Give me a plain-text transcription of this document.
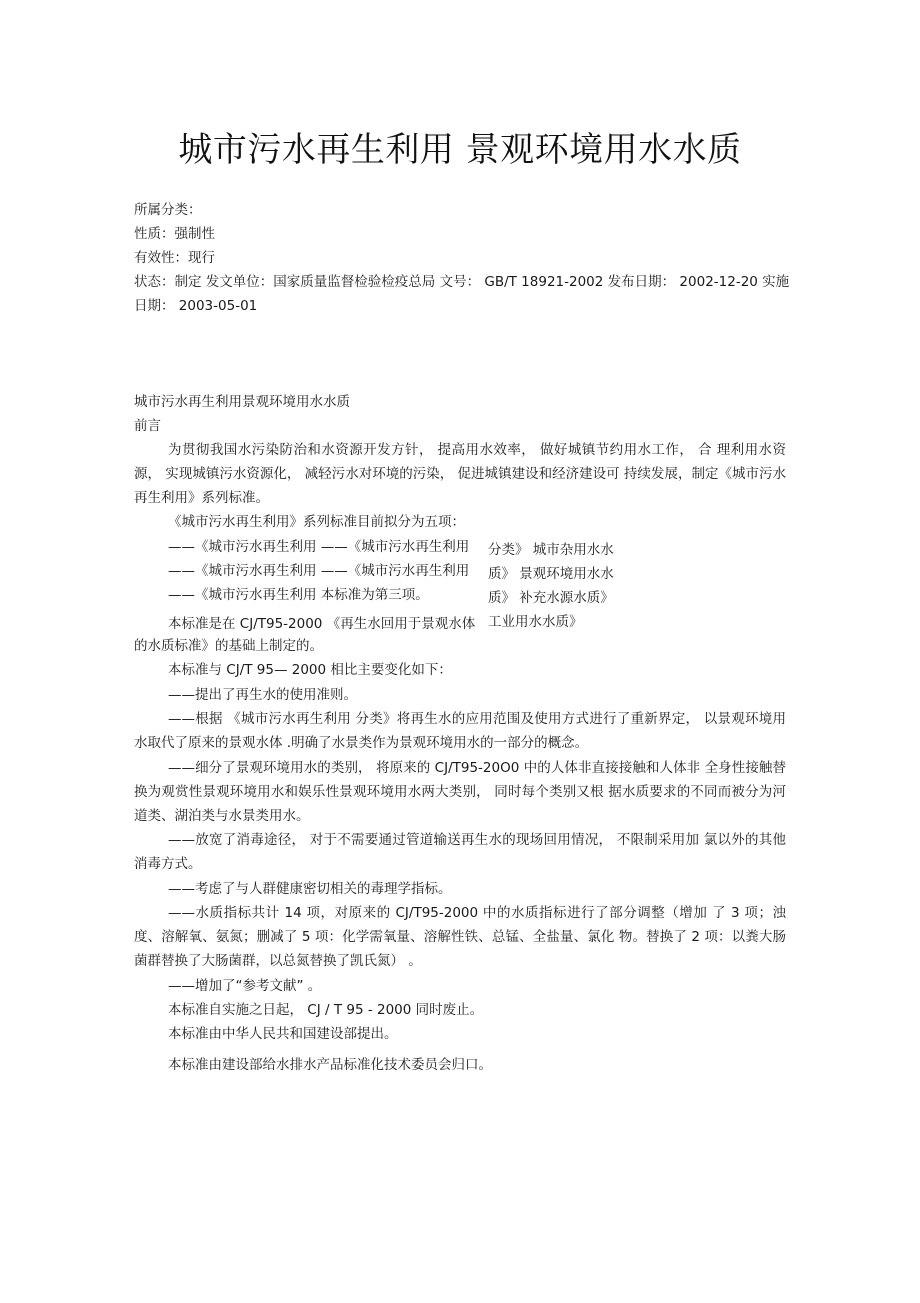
城市污水再生利用 景观环境用水水质
所属分类：
性质：强制性
有效性：现行
状态：制定 发文单位：国家质量监督检验检疫总局 文号： GB/T 18921-2002 发布日期： 2002-12-20 实施
日期： 2003-05-01
城市污水再生利用景观环境用水水质
前言
为贯彻我国水污染防治和水资源开发方针， 提高用水效率， 做好城镇节约用水工作， 合 理利用水资源， 实现城镇污水资源化， 减轻污水对环境的污染， 促进城镇建设和经济建设可 持续发展，制定《城市污水再生利用》系列标准。
《城市污水再生利用》系列标准目前拟分为五项：
——《城市污水再生利用 ——《城市污水再生利用
——《城市污水再生利用 ——《城市污水再生利用
——《城市污水再生利用 本标准为第三项。
分类》 城市杂用水水
质》 景观环境用水水
质》 补充水源水质》
工业用水水质》
本标准是在 CJ/T95-2000 《再生水回用于景观水体
的水质标准》的基础上制定的。
本标准与 CJ/T 95— 2000 相比主要变化如下：
——提出了再生水的使用准则。
——根据 《城市污水再生利用 分类》将再生水的应用范围及使用方式进行了重新界定， 以景观环境用水取代了原来的景观水体 .明确了水景类作为景观环境用水的一部分的概念。
——细分了景观环境用水的类别， 将原来的 CJ/T95-20O0 中的人体非直接接触和人体非 全身性接触替换为观赏性景观环境用水和娱乐性景观环境用水两大类别， 同时每个类别又根 据水质要求的不同而被分为河道类、湖泊类与水景类用水。
——放宽了消毒途径， 对于不需要通过管道输送再生水的现场回用情况， 不限制采用加 氯以外的其他消毒方式。
——考虑了与人群健康密切相关的毒理学指标。
——水质指标共计 14 项，对原来的 CJ/T95-2000 中的水质指标进行了部分调整（增加 了 3 项；浊度、溶解氧、氨氮；删减了 5 项：化学需氧量、溶解性铁、总锰、全盐量、氯化 物。替换了 2 项：以粪大肠菌群替换了大肠菌群，以总氮替换了凯氏氮） 。
——增加了“参考文献” 。
本标准自实施之日起， CJ / T 95 - 2000 同时废止。
本标准由中华人民共和国建设部提出。
本标准由建设部给水排水产品标准化技术委员会归口。
